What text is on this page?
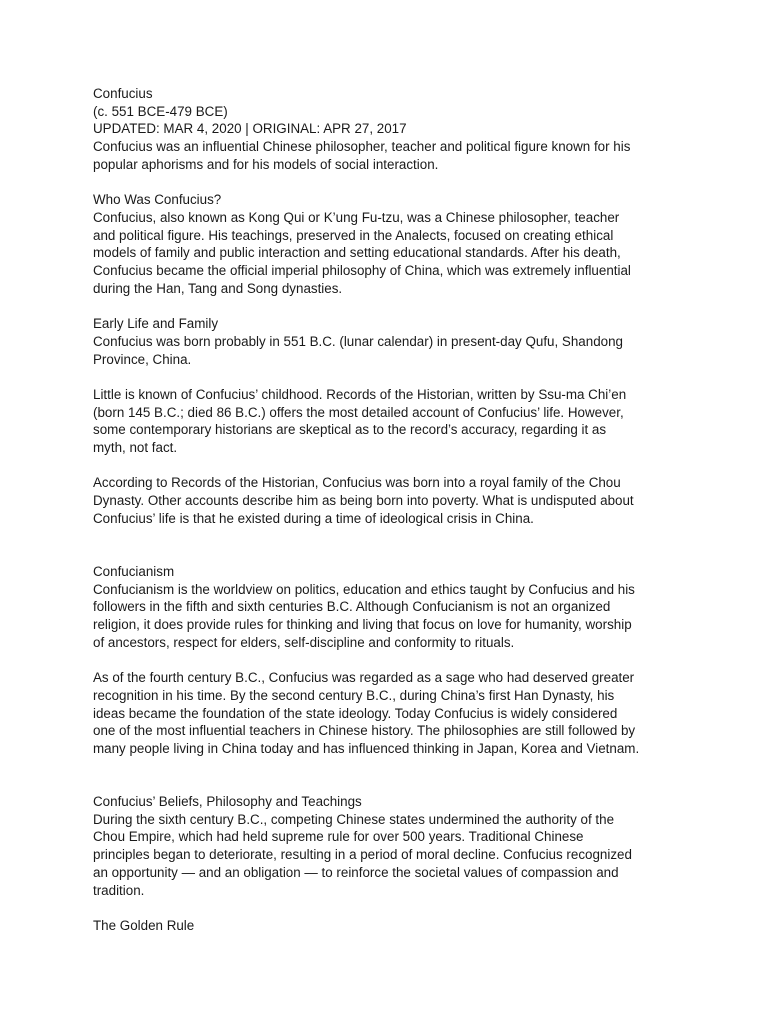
Confucius
(c. 551 BCE-479 BCE)
UPDATED: MAR 4, 2020 | ORIGINAL: APR 27, 2017
Confucius was an influential Chinese philosopher, teacher and political figure known for his
popular aphorisms and for his models of social interaction.
Who Was Confucius?
Confucius, also known as Kong Qui or K’ung Fu-tzu, was a Chinese philosopher, teacher
and political figure. His teachings, preserved in the Analects, focused on creating ethical
models of family and public interaction and setting educational standards. After his death,
Confucius became the official imperial philosophy of China, which was extremely influential
during the Han, Tang and Song dynasties.
Early Life and Family
Confucius was born probably in 551 B.C. (lunar calendar) in present-day Qufu, Shandong
Province, China.
Little is known of Confucius’ childhood. Records of the Historian, written by Ssu-ma Chi’en
(born 145 B.C.; died 86 B.C.) offers the most detailed account of Confucius’ life. However,
some contemporary historians are skeptical as to the record’s accuracy, regarding it as
myth, not fact.
According to Records of the Historian, Confucius was born into a royal family of the Chou
Dynasty. Other accounts describe him as being born into poverty. What is undisputed about
Confucius’ life is that he existed during a time of ideological crisis in China.
Confucianism
Confucianism is the worldview on politics, education and ethics taught by Confucius and his
followers in the fifth and sixth centuries B.C. Although Confucianism is not an organized
religion, it does provide rules for thinking and living that focus on love for humanity, worship
of ancestors, respect for elders, self-discipline and conformity to rituals.
As of the fourth century B.C., Confucius was regarded as a sage who had deserved greater
recognition in his time. By the second century B.C., during China’s first Han Dynasty, his
ideas became the foundation of the state ideology. Today Confucius is widely considered
one of the most influential teachers in Chinese history. The philosophies are still followed by
many people living in China today and has influenced thinking in Japan, Korea and Vietnam.
Confucius’ Beliefs, Philosophy and Teachings
During the sixth century B.C., competing Chinese states undermined the authority of the
Chou Empire, which had held supreme rule for over 500 years. Traditional Chinese
principles began to deteriorate, resulting in a period of moral decline. Confucius recognized
an opportunity — and an obligation — to reinforce the societal values of compassion and
tradition.
The Golden Rule
